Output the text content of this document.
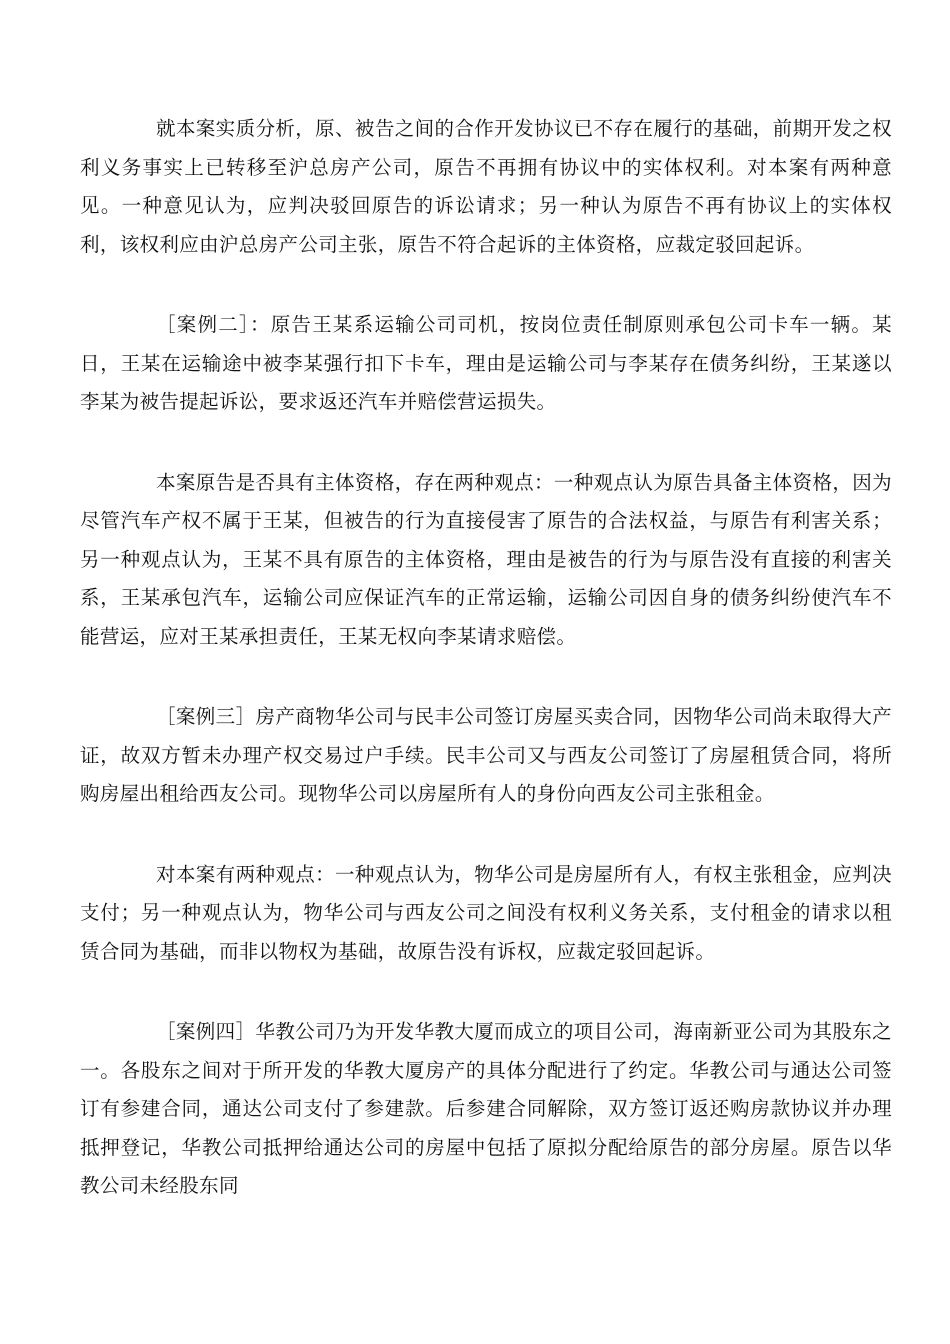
就本案实质分析，原、被告之间的合作开发协议已不存在履行的基础，前期开发之权利义务事实上已转移至沪总房产公司，原告不再拥有协议中的实体权利。对本案有两种意见。一种意见认为，应判决驳回原告的诉讼请求；另一种认为原告不再有协议上的实体权利，该权利应由沪总房产公司主张，原告不符合起诉的主体资格，应裁定驳回起诉。

［案例二］：原告王某系运输公司司机，按岗位责任制原则承包公司卡车一辆。某日，王某在运输途中被李某强行扣下卡车，理由是运输公司与李某存在债务纠纷，王某遂以李某为被告提起诉讼，要求返还汽车并赔偿营运损失。

本案原告是否具有主体资格，存在两种观点：一种观点认为原告具备主体资格，因为尽管汽车产权不属于王某，但被告的行为直接侵害了原告的合法权益，与原告有利害关系；另一种观点认为，王某不具有原告的主体资格，理由是被告的行为与原告没有直接的利害关系，王某承包汽车，运输公司应保证汽车的正常运输，运输公司因自身的债务纠纷使汽车不能营运，应对王某承担责任，王某无权向李某请求赔偿。

［案例三］房产商物华公司与民丰公司签订房屋买卖合同，因物华公司尚未取得大产证，故双方暂未办理产权交易过户手续。民丰公司又与西友公司签订了房屋租赁合同，将所购房屋出租给西友公司。现物华公司以房屋所有人的身份向西友公司主张租金。

对本案有两种观点：一种观点认为，物华公司是房屋所有人，有权主张租金，应判决支付；另一种观点认为，物华公司与西友公司之间没有权利义务关系，支付租金的请求以租赁合同为基础，而非以物权为基础，故原告没有诉权，应裁定驳回起诉。

［案例四］华教公司乃为开发华教大厦而成立的项目公司，海南新亚公司为其股东之一。各股东之间对于所开发的华教大厦房产的具体分配进行了约定。华教公司与通达公司签订有参建合同，通达公司支付了参建款。后参建合同解除，双方签订返还购房款协议并办理抵押登记，华教公司抵押给通达公司的房屋中包括了原拟分配给原告的部分房屋。原告以华教公司未经股东同
